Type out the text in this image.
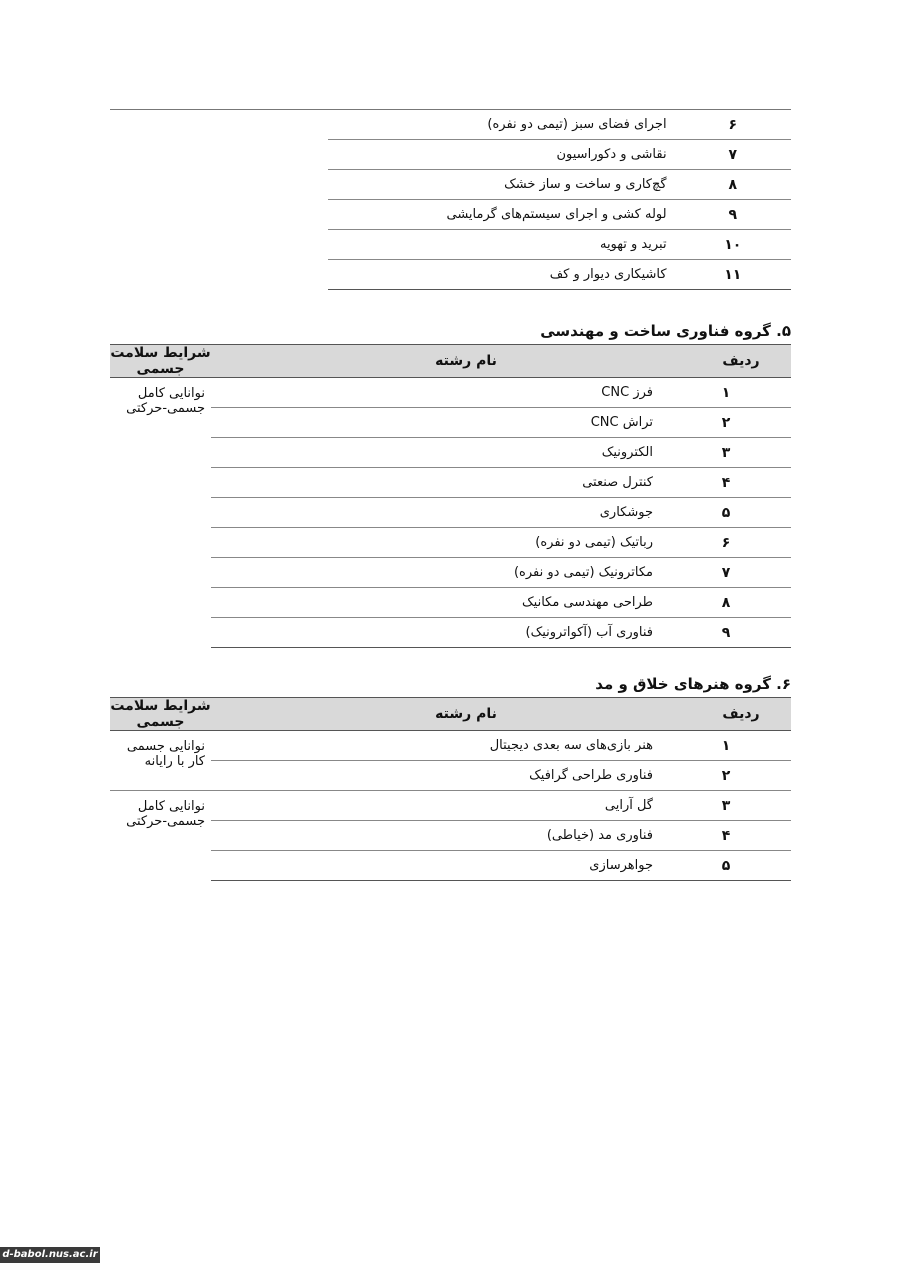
۶	اجرای فضای سبز (تیمی دو نفره)	
۷	نقاشی و دکوراسیون	
۸	گچ‌کاری و ساخت و ساز خشک	
۹	لوله کشی و اجرای سیستم‌های گرمایشی	
۱۰	تبرید و تهویه	
۱۱	کاشیکاری دیوار و کف	
۵. گروه فناوری ساخت و مهندسی
ردیف	نام رشته	شرایط سلامت جسمی
۱	فرز CNC	نوانایی کامل جسمی-حرکتی
۲	تراش CNC	
۳	الکترونیک	
۴	کنترل صنعتی	
۵	جوشکاری	
۶	رباتیک (تیمی دو نفره)	
۷	مکاترونیک (تیمی دو نفره)	
۸	طراحی مهندسی مکانیک	
۹	فناوری آب (آکواترونیک)	
۶. گروه هنرهای خلاق و مد
ردیف	نام رشته	شرایط سلامت جسمی
۱	هنر بازی‌های سه بعدی دیجیتال	نوانایی جسمی کار با رایانه
۲	فناوری طراحی گرافیک	
۳	گل آرایی	نوانایی کامل جسمی-حرکتی
۴	فناوری مد (خیاطی)	
۵	جواهرسازی	
d-babol.nus.ac.ir
